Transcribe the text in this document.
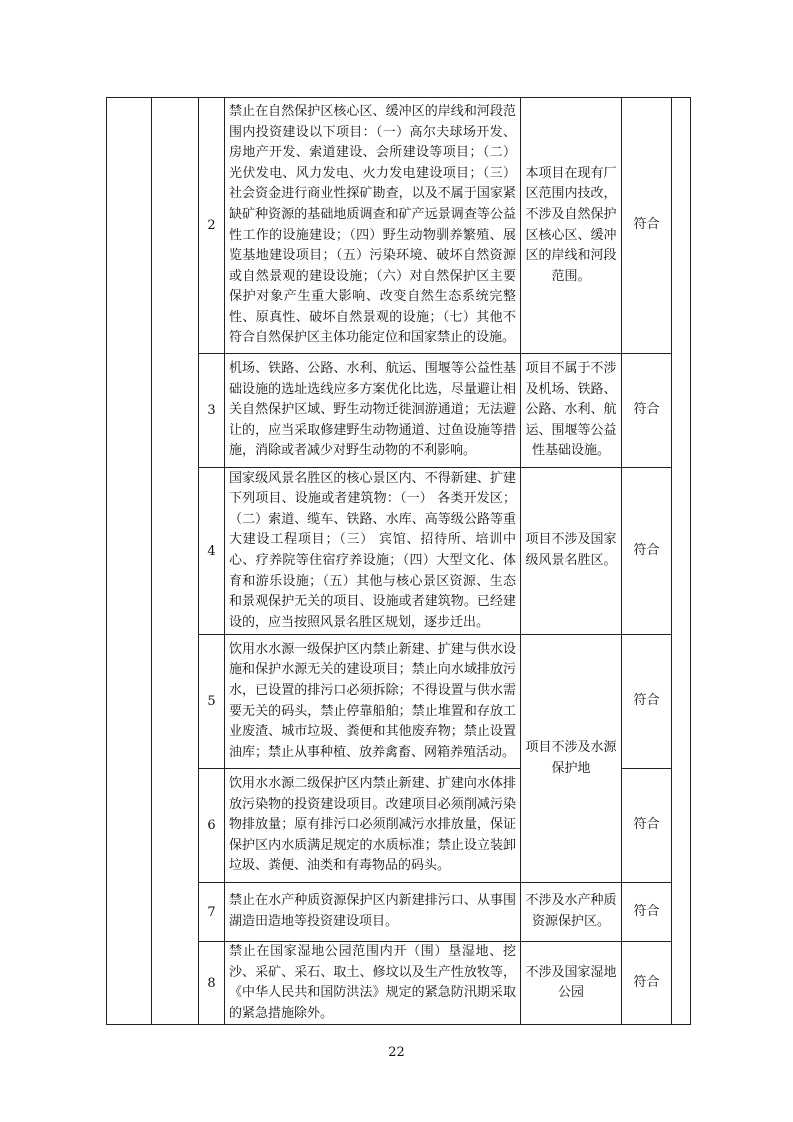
		2	禁止在自然保护区核心区、缓冲区的岸线和河段范围内投资建设以下项目：（一）高尔夫球场开发、房地产开发、索道建设、会所建设等项目；（二）光伏发电、风力发电、火力发电建设项目；（三）社会资金进行商业性探矿勘查，以及不属于国家紧缺矿种资源的基础地质调查和矿产远景调查等公益性工作的设施建设；（四）野生动物驯养繁殖、展览基地建设项目；（五）污染环境、破坏自然资源或自然景观的建设设施；（六）对自然保护区主要保护对象产生重大影响、改变自然生态系统完整性、原真性、破坏自然景观的设施；（七）其他不符合自然保护区主体功能定位和国家禁止的设施。	本项目在现有厂区范围内技改，不涉及自然保护区核心区、缓冲区的岸线和河段范围。	符合	
		3	机场、铁路、公路、水利、航运、围堰等公益性基础设施的选址选线应多方案优化比选，尽量避让相关自然保护区域、野生动物迁徙洄游通道；无法避让的，应当采取修建野生动物通道、过鱼设施等措施，消除或者减少对野生动物的不利影响。	项目不属于不涉及机场、铁路、公路、水利、航运、围堰等公益性基础设施。	符合	
		4	国家级风景名胜区的核心景区内、不得新建、扩建下列项目、设施或者建筑物：（一） 各类开发区；（二）索道、缆车、铁路、水库、高等级公路等重大建设工程项目；（三） 宾馆、招待所、培训中心、疗养院等住宿疗养设施；（四）大型文化、体育和游乐设施；（五）其他与核心景区资源、生态和景观保护无关的项目、设施或者建筑物。已经建设的，应当按照风景名胜区规划，逐步迁出。	项目不涉及国家级风景名胜区。	符合	
		5	饮用水水源一级保护区内禁止新建、扩建与供水设施和保护水源无关的建设项目；禁止向水域排放污水，已设置的排污口必须拆除；不得设置与供水需要无关的码头，禁止停靠船舶；禁止堆置和存放工业废渣、城市垃圾、粪便和其他废弃物；禁止设置油库；禁止从事种植、放养禽畜、网箱养殖活动。	项目不涉及水源保护地	符合	
		6	饮用水水源二级保护区内禁止新建、扩建向水体排放污染物的投资建设项目。改建项目必须削减污染物排放量；原有排污口必须削减污水排放量，保证保护区内水质满足规定的水质标准；禁止设立装卸垃圾、粪便、油类和有毒物品的码头。		符合	
		7	禁止在水产种质资源保护区内新建排污口、从事围湖造田造地等投资建设项目。	不涉及水产种质资源保护区。	符合	
		8	禁止在国家湿地公园范围内开（围）垦湿地、挖沙、采矿、采石、取土、修坟以及生产性放牧等，《中华人民共和国防洪法》规定的紧急防汛期采取的紧急措施除外。	不涉及国家湿地公园	符合	
22
